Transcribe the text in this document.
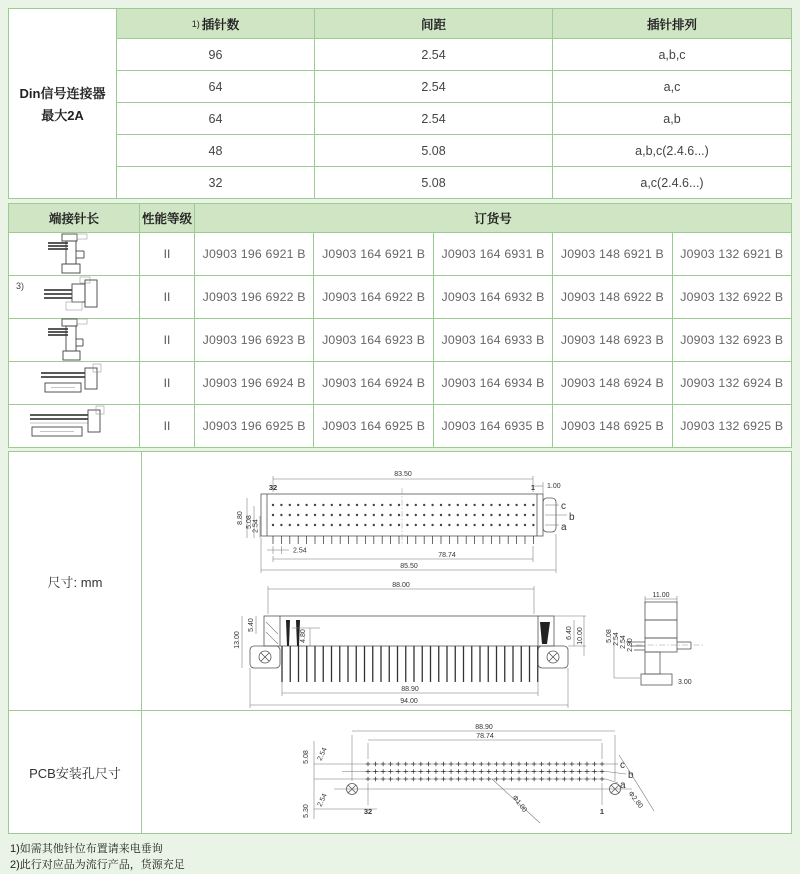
Din信号连接器
最大2A
1) 插针数	间距	插针排列
96	2.54	a,b,c
64	2.54	a,c
64	2.54	a,b
48	5.08	a,b,c(2.4.6...)
32	5.08	a,c(2.4.6...)
端接针长	性能等级	订货号
II	J0903 196 6921 B	J0903 164 6921 B	J0903 164 6931 B	J0903 148 6921 B	J0903 132 6921 B
3)
II	J0903 196 6922 B	J0903 164 6922 B	J0903 164 6932 B	J0903 148 6922 B	J0903 132 6922 B
II	J0903 196 6923 B	J0903 164 6923 B	J0903 164 6933 B	J0903 148 6923 B	J0903 132 6923 B
II	J0903 196 6924 B	J0903 164 6924 B	J0903 164 6934 B	J0903 148 6924 B	J0903 132 6924 B
II	J0903 196 6925 B	J0903 164 6925 B	J0903 164 6935 B	J0903 148 6925 B	J0903 132 6925 B
尺寸: mm
83.50
1.00
32	1
c
b
a
8.80 5.08 2.54
2.54
78.74
85.50
88.00
13.00
5.40
4.80	6.40 10.00
88.90
94.00
11.00
3.00
5.08 2.54 2.54 2.90
PCB安装孔尺寸
88.90
78.74
5.08 2.54
2.54
5.30
c
b
a
Φ2.80
Φ1.00
32	1
1)如需其他针位布置请来电垂询
2)此行对应品为流行产品，货源充足
